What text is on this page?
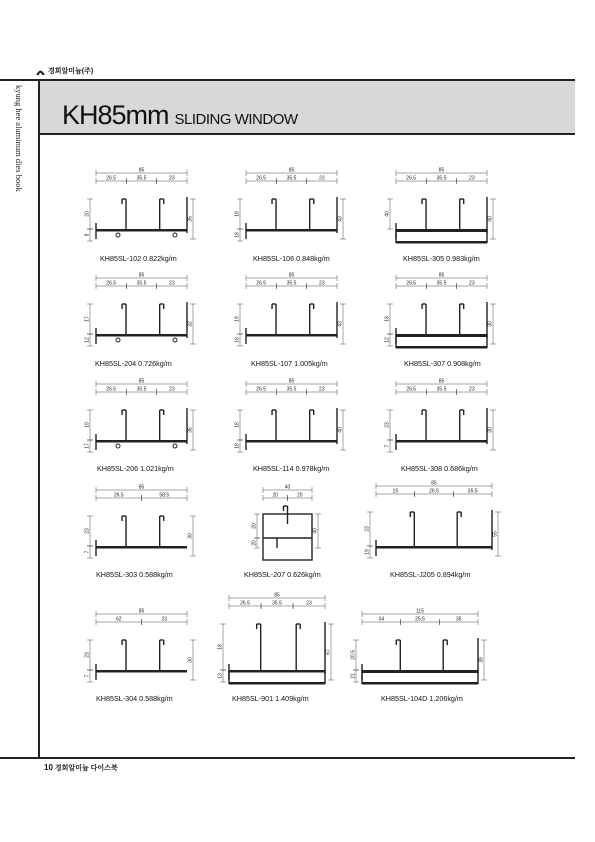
경희알미늄(주)
kyung hee aluminum dies book KH85mm SLIDING WINDOW
85
26.5	35.5	23
20
9
35
85
26.5	35.5	23
19
18
43
85
26.5	35.5	23
40
40
85
26.5	35.5	23
17
12
32
85
26.5	35.5	23
19
18
43
85
26.5	35.5	23
18
12
30
85
26.5	35.5	23
19
17
36
85
26.5	35.5	23
18
18
40
85
26.5	35.5	23
23
7
30
85
26.5	58.5
23
7
30
40
20	20
20
20
40
85
15	26.5	35.5
23
19
55
85
62	23
23
7
30
85
26.5	35.5	23
18
13
67
115
34	25.5	35
20.5
21
39
KH85SL-102 0.822kg/m	KH85SL-106 0.848kg/m	KH85SL-305 0.983kg/m
KH85SL-204 0.726kg/m	KH85SL-107 1.005kg/m	KH85SL-307 0.908kg/m
KH85SL-206 1.021kg/m	KH85SL-114 0.978kg/m	KH85SL-308 0.686kg/m
KH85SL-303 0.588kg/m	KH85SL-207 0.626kg/m	KH85SL-J205 0.894kg/m
KH85SL-304 0.588kg/m	KH85SL-901 1.409kg/m	KH85SL-104D 1.206kg/m
10 경희알미늄 다이스북
